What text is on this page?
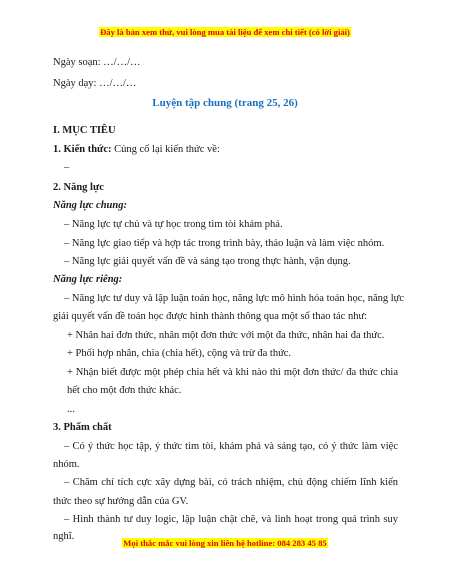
Đây là bản xem thử, vui lòng mua tài liệu để xem chi tiết (có lời giải)
Ngày soạn: …/…/…
Ngày dạy: …/…/…
Luyện tập chung (trang 25, 26)
I. MỤC TIÊU
1. Kiến thức: Củng cố lại kiến thức về:
–
2. Năng lực
Năng lực chung:
– Năng lực tự chủ và tự học trong tìm tòi khám phá.
– Năng lực giao tiếp và hợp tác trong trình bày, thảo luận và làm việc nhóm.
– Năng lực giải quyết vấn đề và sáng tạo trong thực hành, vận dụng.
Năng lực riêng:
– Năng lực tư duy và lập luận toán học, năng lực mô hình hóa toán học, năng lực
giải quyết vấn đề toán học được hình thành thông qua một số thao tác như:
+ Nhân hai đơn thức, nhân một đơn thức với một đa thức, nhân hai đa thức.
+ Phối hợp nhân, chia (chia hết), cộng và trừ đa thức.
+ Nhận biết được một phép chia hết và khi nào thì một đơn thức/ đa thức chia
hết cho một đơn thức khác.
...
3. Phẩm chất
– Có ý thức học tập, ý thức tìm tòi, khám phá và sáng tạo, có ý thức làm việc
nhóm.
– Chăm chỉ tích cực xây dựng bài, có trách nhiệm, chủ động chiếm lĩnh kiến
thức theo sự hướng dẫn của GV.
– Hình thành tư duy logic, lập luận chặt chẽ, và linh hoạt trong quá trình suy
nghĩ.
Mọi thắc mắc vui lòng xin liên hệ hotline: 084 283 45 85
